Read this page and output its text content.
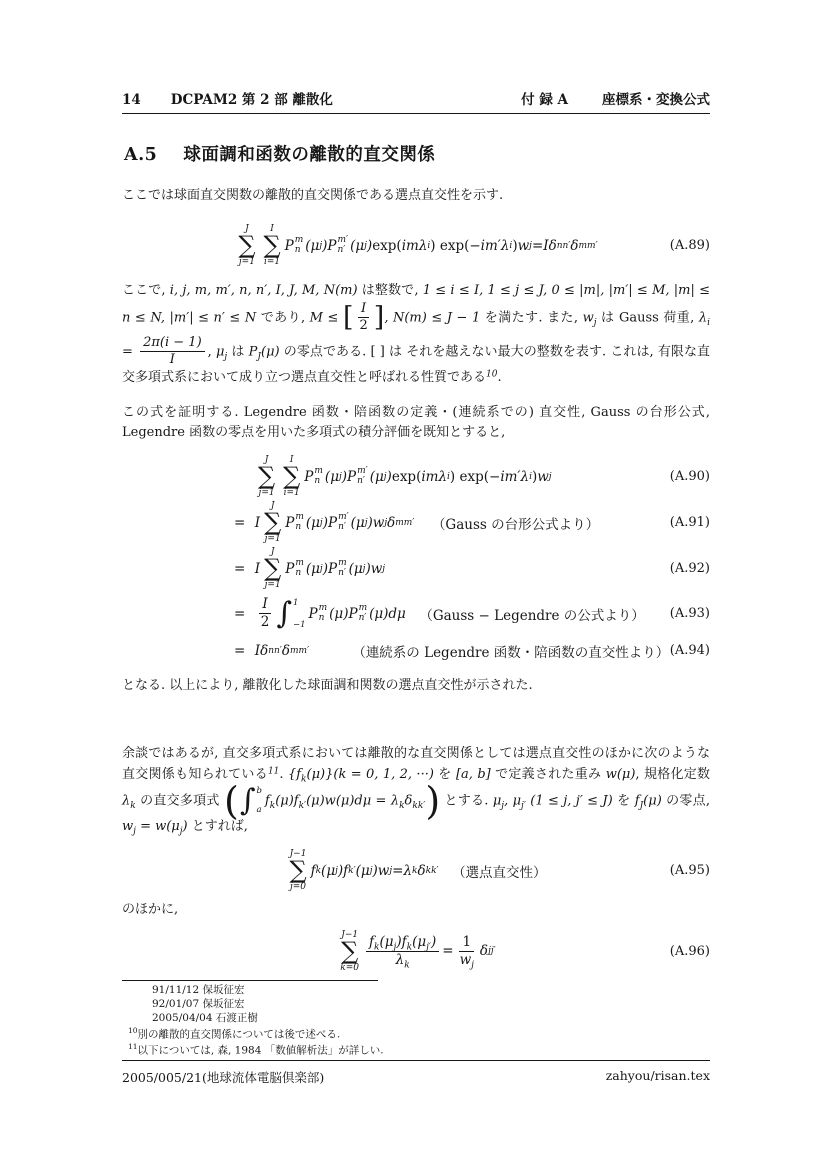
14 DCPAM2 第 2 部 離散化	付 録 A	座標系・変換公式
A.5 球面調和函数の離散的直交関係

ここでは球面直交関数の離散的直交関係である選点直交性を示す.

J
∑
j=1
I
∑
i=1
P m
n (μ j )P m′
n′ (μ j ) exp( imλ i ) exp(− im′λ i ) w j = Iδ nn′ δ mm′	(A.89)

ここで, i, j, m, m′, n, n′, I, J, M, N(m) は整数で, 1 ≤ i ≤ I, 1 ≤ j ≤ J, 0 ≤ |m|, |m′| ≤ M, |m| ≤ n ≤ N, |m′| ≤ n′ ≤ N であり, M ≤ [ $\frac{I}{2}$ ], N(m) ≤ J − 1 を満たす. また, $w_j$ は Gauss 荷重, $\lambda_i = \frac{2\pi(i - 1)}{I}$ , $\mu_j$ は $P_J(\mu)$ の零点である. [ ] は それを越えない最大の整数を表す. これは, 有限な直交多項式系において成り立つ選点直交性と呼ばれる性質である$^{10}$.

この式を証明する. Legendre 函数・陪函数の定義・(連続系での) 直交性, Gauss の台形公式, Legendre 函数の零点を用いた多項式の積分評価を既知とすると,

J
∑
j=1
I
∑
i=1
P m
n (μ j )P m′
n′ (μ j ) exp( imλ i ) exp(− im′λ i ) w j	(A.90)
= I
J
∑
j=1
P m
n (μ j )P m′
n′ (μ j )w j δ mm′ （Gauss の台形公式より）	(A.91)
= I
J
∑
j=1
P m
n (μ j )P m
n′ (μ j )w j	(A.92)
=
I
2 ∫ 1
−1
P m
n (μ)P m
n′ (μ)dμ （Gauss − Legendre の公式より） (A.93)
= Iδ nn′ δ mm′	（連続系の Legendre 函数・陪函数の直交性より） (A.94)

となる. 以上により, 離散化した球面調和関数の選点直交性が示された.

余談ではあるが, 直交多項式系においては離散的な直交関係としては選点直交性のほかに次のような直交関係も知られている$^{11}$. $\{f_k(\mu)\}(k = 0$, 1, 2, ···) を [a, b] で定義された重み w(μ), 規格化定数 $\lambda_k$ の直交多項式 ( ∫ b
a
$f_k(\mu)f_{k'}(\mu)w(\mu)d\mu = \lambda_k\delta_{kk'}$) とする. $\mu_j$, $\mu_{j'}$ (1 ≤ j, j′ ≤ J) を $f_J(\mu)$ の零点, $w_j = w(\mu_j)$ とすれば,

J−1
∑
j=0
f k (μ j )f k′ (μ j )w j = λ k δ kk′ （選点直交性）	(A.95)

のほかに,

J−1
∑
$k=0 \frac{f_k(\mu_j)f_k(\mu_{j'})}{\lambda_k} = \frac{1}{w_j}$ δ jj′	(A.96)
91/11/12 保坂征宏
92/01/07 保坂征宏
2005/04/04 石渡正樹
$^{10}$別の離散的直交関係については後で述べる.
$^{11}$以下については, 森, 1984 「数値解析法」が詳しい.
2005/005/21(地球流体電脳倶楽部)	zahyou/risan.tex
